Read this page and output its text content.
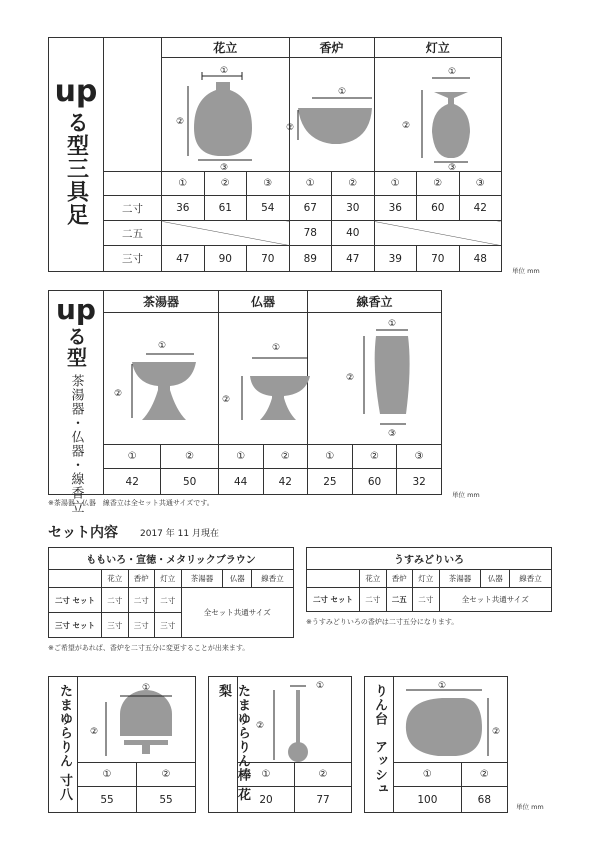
		花立			香炉		灯立		

		①	②	③	①	②	①	②	③
	二寸	36	61	54	67	30	36	60	42
	二五				78	40			
	三寸	47	90	70	89	47	39	70	48
up
る型三具足
①
②
③
①
②
①
②
③
単位 mm
	茶湯器		仏器		線香立		

	①	②	①	②	①	②	③
	42	50	44	42	25	60	32
up
る型
茶湯器・仏器・線香立
①
②
①
②
①
②
③
※茶湯器　仏器　線香立は全セット共通サイズです。
単位 mm
セット内容 2017 年 11 月現在
ももいろ・宣徳・メタリックブラウン						
	花立	香炉	灯立	茶湯器	仏器	線香立
二寸 セット	二寸	二寸	二寸	全セット共通サイズ		
三寸 セット	三寸	三寸	三寸			
うすみどりいろ						
	花立	香炉	灯立	茶湯器	仏器	線香立
二寸 セット	二寸	二五	二寸	全セット共通サイズ		
※うすみどりいろの香炉は二寸五分になります。
※ご希望があれば、香炉を二寸五分に変更することが出来ます。

	①	②
	55	55
たまゆらりん 寸八	①
②

	①	②
	20	77
たまゆらりん棒 花梨	①
②

	①	②
	100	68
りん台　アッシュ	①
②
単位 mm
